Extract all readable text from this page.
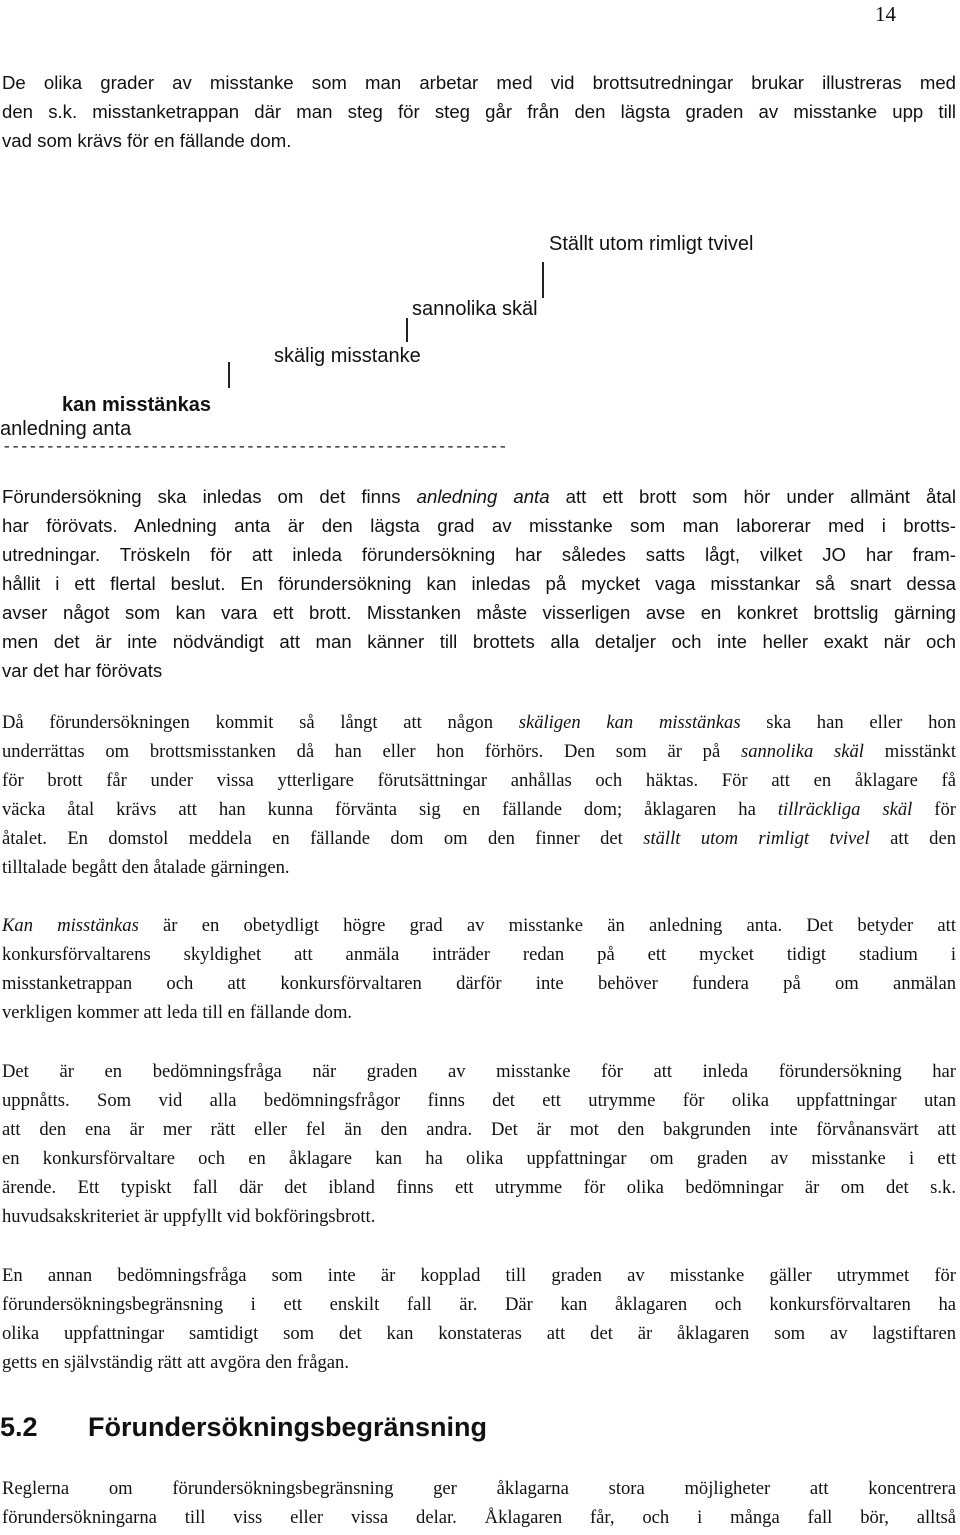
14

De olika grader av misstanke som man arbetar med vid brottsutredningar brukar illustreras med
den s.k. misstanketrappan där man steg för steg går från den lägsta graden av misstanke upp till
vad som krävs för en fällande dom.

Ställt utom rimligt tvivel
sannolika skäl
skälig misstanke
kan misstänkas
anledning anta
----------------------------------------------------------

Förundersökning ska inledas om det finns anledning anta att ett brott som hör under allmänt åtal
har förövats. Anledning anta är den lägsta grad av misstanke som man laborerar med i brotts-
utredningar. Tröskeln för att inleda förundersökning har således satts lågt, vilket JO har fram-
hållit i ett flertal beslut. En förundersökning kan inledas på mycket vaga misstankar så snart dessa
avser något som kan vara ett brott. Misstanken måste visserligen avse en konkret brottslig gärning
men det är inte nödvändigt att man känner till brottets alla detaljer och inte heller exakt när och
var det har förövats

Då förundersökningen kommit så långt att någon skäligen kan misstänkas ska han eller hon
underrättas om brottsmisstanken då han eller hon förhörs. Den som är på sannolika skäl misstänkt
för brott får under vissa ytterligare förutsättningar anhållas och häktas. För att en åklagare få
väcka åtal krävs att han kunna förvänta sig en fällande dom; åklagaren ha tillräckliga skäl för
åtalet. En domstol meddela en fällande dom om den finner det ställt utom rimligt tvivel att den
tilltalade begått den åtalade gärningen.

Kan misstänkas är en obetydligt högre grad av misstanke än anledning anta. Det betyder att
konkursförvaltarens skyldighet att anmäla inträder redan på ett mycket tidigt stadium i
misstanketrappan och att konkursförvaltaren därför inte behöver fundera på om anmälan
verkligen kommer att leda till en fällande dom.

Det är en bedömningsfråga när graden av misstanke för att inleda förundersökning har
uppnåtts. Som vid alla bedömningsfrågor finns det ett utrymme för olika uppfattningar utan
att den ena är mer rätt eller fel än den andra. Det är mot den bakgrunden inte förvånansvärt att
en konkursförvaltare och en åklagare kan ha olika uppfattningar om graden av misstanke i ett
ärende. Ett typiskt fall där det ibland finns ett utrymme för olika bedömningar är om det s.k.
huvudsakskriteriet är uppfyllt vid bokföringsbrott.

En annan bedömningsfråga som inte är kopplad till graden av misstanke gäller utrymmet för
förundersökningsbegränsning i ett enskilt fall är. Där kan åklagaren och konkursförvaltaren ha
olika uppfattningar samtidigt som det kan konstateras att det är åklagaren som av lagstiftaren
getts en självständig rätt att avgöra den frågan.

5.2 Förundersökningsbegränsning

Reglerna om förundersökningsbegränsning ger åklagarna stora möjligheter att koncentrera
förundersökningarna till viss eller vissa delar. Åklagaren får, och i många fall bör, alltså
